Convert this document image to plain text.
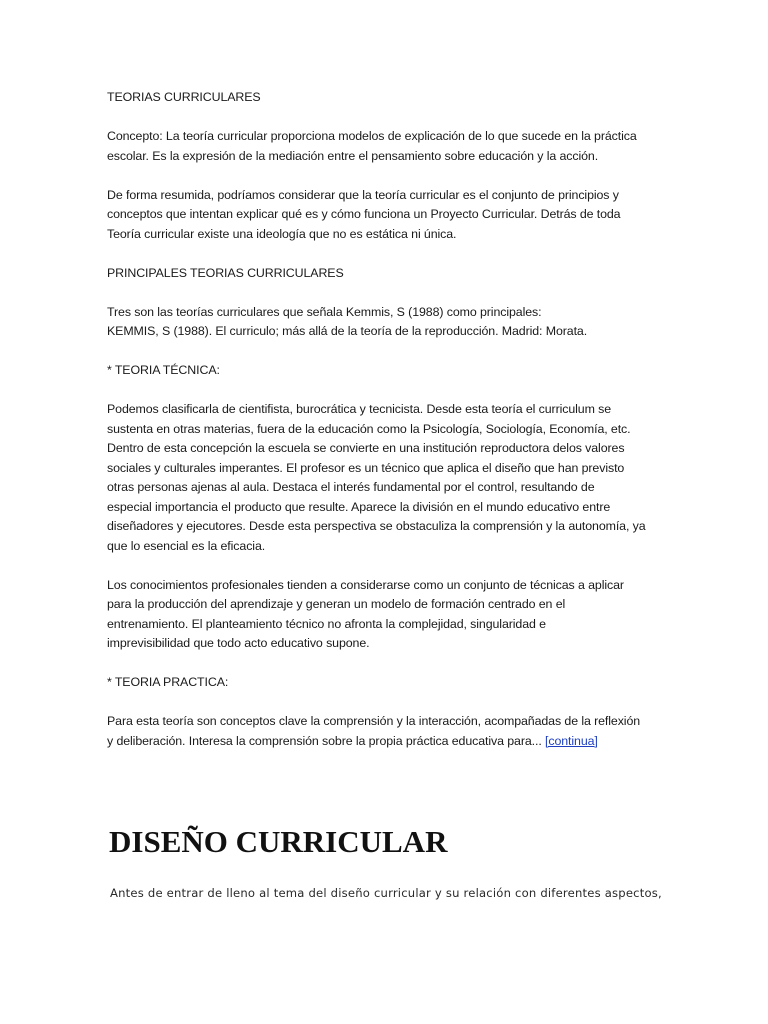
TEORIAS CURRICULARES

Concepto: La teoría curricular proporciona modelos de explicación de lo que sucede en la práctica
escolar. Es la expresión de la mediación entre el pensamiento sobre educación y la acción.

De forma resumida, podríamos considerar que la teoría curricular es el conjunto de principios y
conceptos que intentan explicar qué es y cómo funciona un Proyecto Curricular. Detrás de toda
Teoría curricular existe una ideología que no es estática ni única.

PRINCIPALES TEORIAS CURRICULARES

Tres son las teorías curriculares que señala Kemmis, S (1988) como principales:
KEMMIS, S (1988). El curriculo; más allá de la teoría de la reproducción. Madrid: Morata.

* TEORIA TÉCNICA:

Podemos clasificarla de cientifista, burocrática y tecnicista. Desde esta teoría el curriculum se
sustenta en otras materias, fuera de la educación como la Psicología, Sociología, Economía, etc.
Dentro de esta concepción la escuela se convierte en una institución reproductora delos valores
sociales y culturales imperantes. El profesor es un técnico que aplica el diseño que han previsto
otras personas ajenas al aula. Destaca el interés fundamental por el control, resultando de
especial importancia el producto que resulte. Aparece la división en el mundo educativo entre
diseñadores y ejecutores. Desde esta perspectiva se obstaculiza la comprensión y la autonomía, ya
que lo esencial es la eficacia.

Los conocimientos profesionales tienden a considerarse como un conjunto de técnicas a aplicar
para la producción del aprendizaje y generan un modelo de formación centrado en el
entrenamiento. El planteamiento técnico no afronta la complejidad, singularidad e
imprevisibilidad que todo acto educativo supone.

* TEORIA PRACTICA:

Para esta teoría son conceptos clave la comprensión y la interacción, acompañadas de la reflexión
y deliberación. Interesa la comprensión sobre la propia práctica educativa para... [continua]

DISEÑO CURRICULAR

Antes de entrar de lleno al tema del diseño curricular y su relación con diferentes aspectos,
